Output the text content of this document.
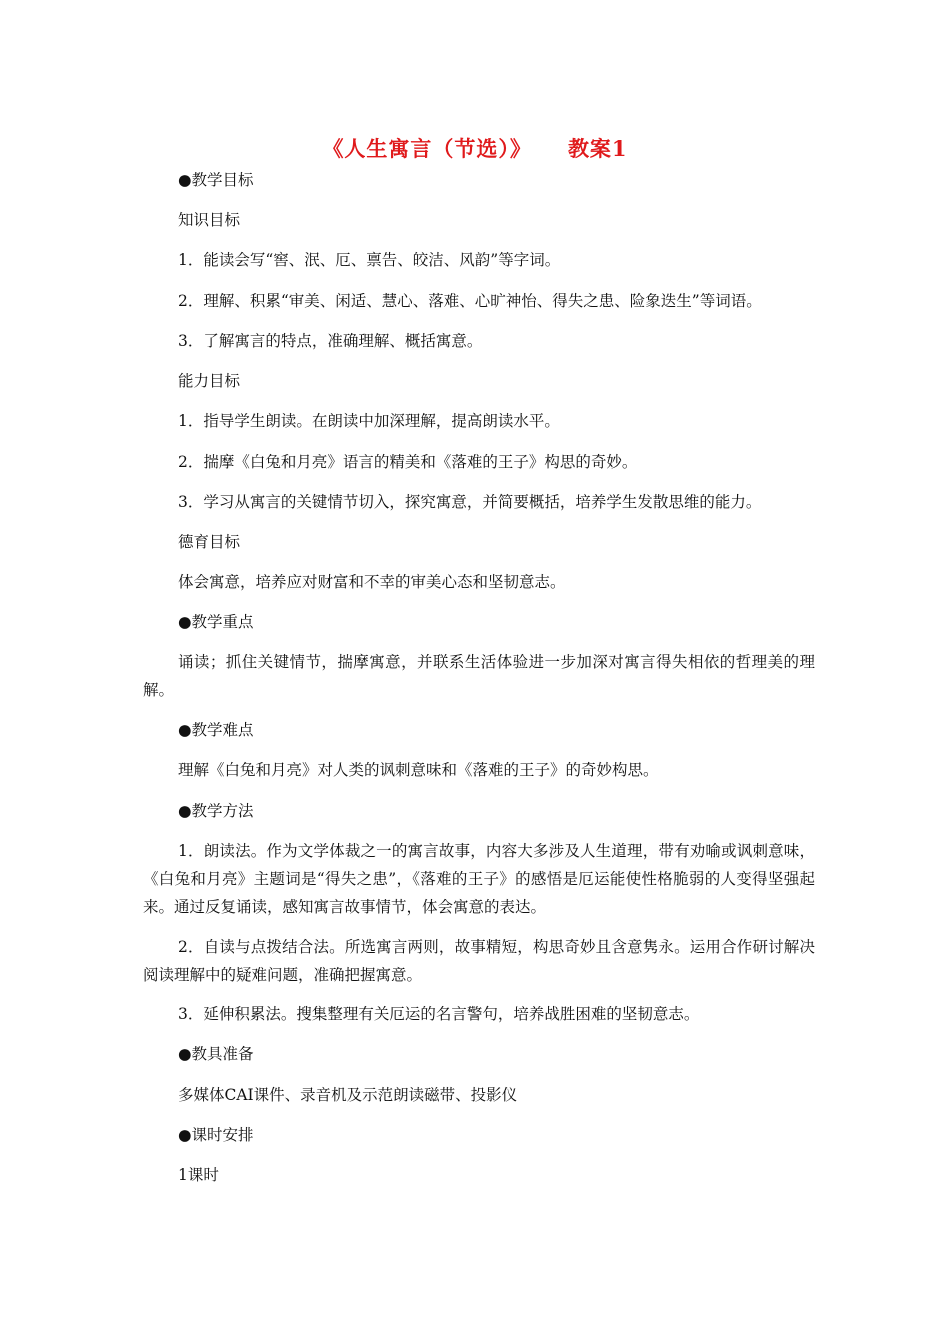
《人生寓言（节选）》 教案1
●教学目标
知识目标
1．能读会写“窖、泯、厄、禀告、皎洁、风韵”等字词。
2．理解、积累“审美、闲适、慧心、落难、心旷神怡、得失之患、险象迭生”等词语。
3．了解寓言的特点，准确理解、概括寓意。
能力目标
1．指导学生朗读。在朗读中加深理解，提高朗读水平。
2．揣摩《白兔和月亮》语言的精美和《落难的王子》构思的奇妙。
3．学习从寓言的关键情节切入，探究寓意，并简要概括，培养学生发散思维的能力。
德育目标
体会寓意，培养应对财富和不幸的审美心态和坚韧意志。
●教学重点
诵读；抓住关键情节，揣摩寓意，并联系生活体验进一步加深对寓言得失相依的哲理美的理解。
●教学难点
理解《白兔和月亮》对人类的讽刺意味和《落难的王子》的奇妙构思。
●教学方法
1．朗读法。作为文学体裁之一的寓言故事，内容大多涉及人生道理，带有劝喻或讽刺意味，《白兔和月亮》主题词是“得失之患”，《落难的王子》的感悟是厄运能使性格脆弱的人变得坚强起来。通过反复诵读，感知寓言故事情节，体会寓意的表达。
2．自读与点拨结合法。所选寓言两则，故事精短，构思奇妙且含意隽永。运用合作研讨解决阅读理解中的疑难问题，准确把握寓意。
3．延伸积累法。搜集整理有关厄运的名言警句，培养战胜困难的坚韧意志。
●教具准备
多媒体CAI课件、录音机及示范朗读磁带、投影仪
●课时安排
1课时
